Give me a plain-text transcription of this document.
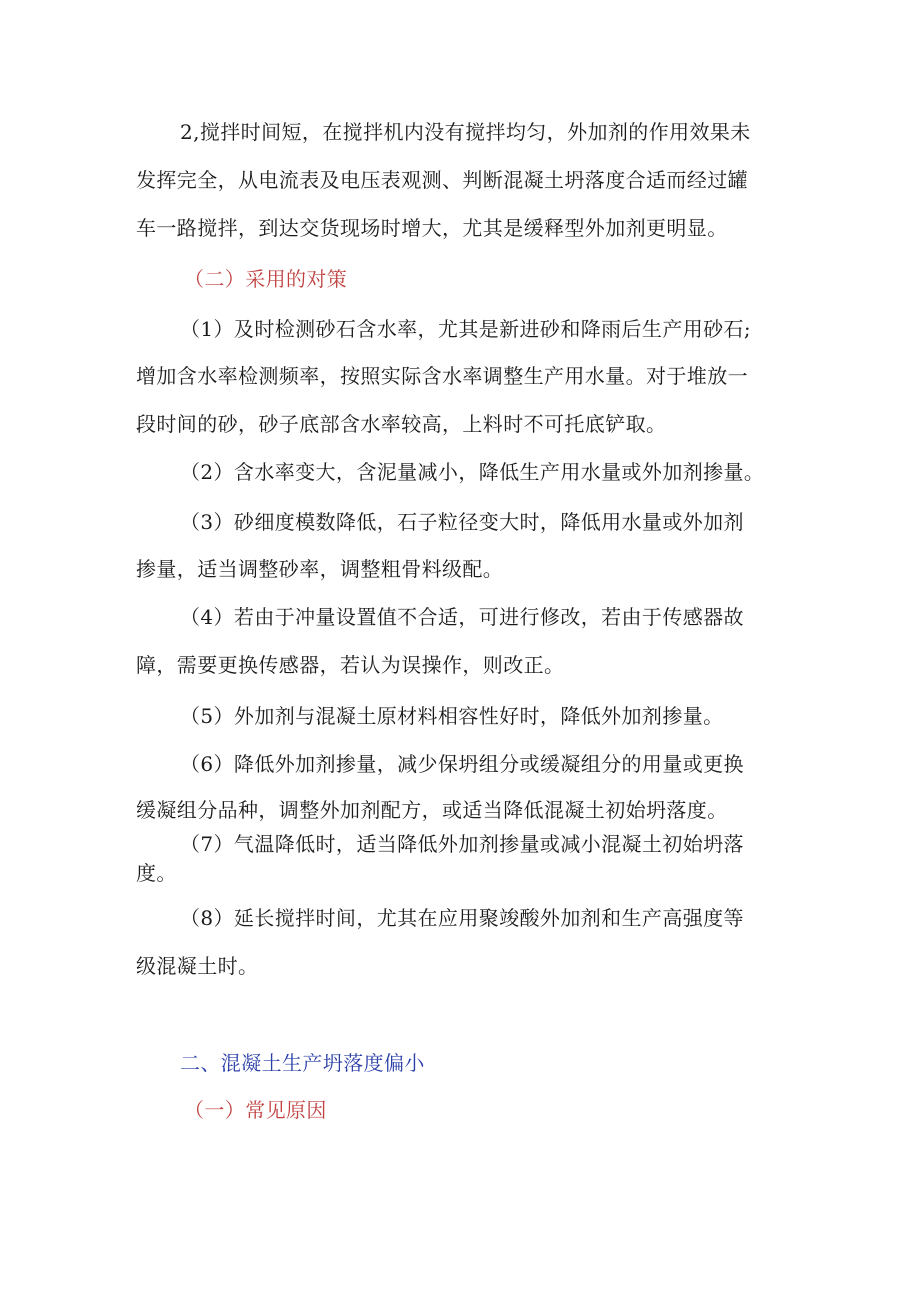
2,搅拌时间短，在搅拌机内没有搅拌均匀，外加剂的作用效果未
发挥完全，从电流表及电压表观测、判断混凝土坍落度合适而经过罐
车一路搅拌，到达交货现场时增大，尤其是缓释型外加剂更明显。
（二）采用的对策
（1）及时检测砂石含水率，尤其是新进砂和降雨后生产用砂石;
增加含水率检测频率，按照实际含水率调整生产用水量。对于堆放一
段时间的砂，砂子底部含水率较高，上料时不可托底铲取。
（2）含水率变大，含泥量减小，降低生产用水量或外加剂掺量。
（3）砂细度模数降低，石子粒径变大时，降低用水量或外加剂
掺量，适当调整砂率，调整粗骨料级配。
（4）若由于冲量设置值不合适，可进行修改，若由于传感器故
障，需要更换传感器，若认为误操作，则改正。
（5）外加剂与混凝土原材料相容性好时，降低外加剂掺量。
（6）降低外加剂掺量，减少保坍组分或缓凝组分的用量或更换
缓凝组分品种，调整外加剂配方，或适当降低混凝土初始坍落度。
（7）气温降低时，适当降低外加剂掺量或减小混凝土初始坍落
度。
（8）延长搅拌时间，尤其在应用聚竣酸外加剂和生产高强度等
级混凝土时。
二、混凝土生产坍落度偏小
（一）常见原因
